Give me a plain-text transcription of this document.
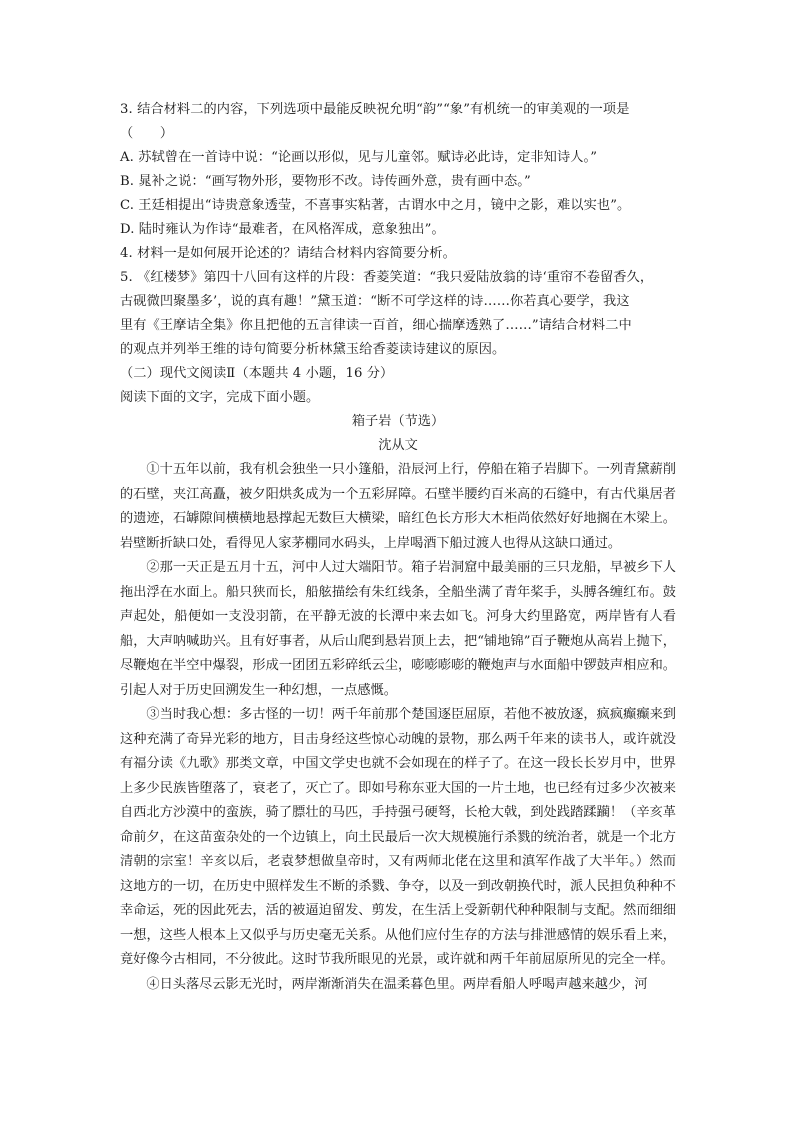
3. 结合材料二的内容，下列选项中最能反映祝允明“韵”“象”有机统一的审美观的一项是
（　　）
A. 苏轼曾在一首诗中说：“论画以形似，见与儿童邻。赋诗必此诗，定非知诗人。”
B. 晁补之说：“画写物外形，要物形不改。诗传画外意，贵有画中态。”
C. 王廷相提出“诗贵意象透莹，不喜事实粘著，古谓水中之月，镜中之影，难以实也”。
D. 陆时雍认为作诗“最难者，在风格浑成，意象独出”。
4. 材料一是如何展开论述的？请结合材料内容简要分析。
5. 《红楼梦》第四十八回有这样的片段：香菱笑道：“我只爱陆放翁的诗‘重帘不卷留香久，
古砚微凹聚墨多’，说的真有趣！”黛玉道：“断不可学这样的诗……你若真心要学，我这
里有《王摩诘全集》你且把他的五言律读一百首，细心揣摩透熟了……”请结合材料二中
的观点并列举王维的诗句简要分析林黛玉给香菱读诗建议的原因。
（二）现代文阅读Ⅱ（本题共 4 小题，16 分）
阅读下面的文字，完成下面小题。
箱子岩（节选）
沈从文

①十五年以前，我有机会独坐一只小篷船，沿辰河上行，停船在箱子岩脚下。一列青黛薪削的石壁，夹江高矗，被夕阳烘炙成为一个五彩屏障。石壁半腰约百米高的石缝中，有古代巢居者的遗迹，石罅隙间横横地悬撑起无数巨大横梁，暗红色长方形大木柜尚依然好好地搁在木梁上。岩壁断折缺口处，看得见人家茅棚同水码头，上岸喝酒下船过渡人也得从这缺口通过。

②那一天正是五月十五，河中人过大端阳节。箱子岩洞窟中最美丽的三只龙船，早被乡下人拖出浮在水面上。船只狭而长，船舷描绘有朱红线条，全船坐满了青年桨手，头膊各缠红布。鼓声起处，船便如一支没羽箭，在平静无波的长潭中来去如飞。河身大约里路宽，两岸皆有人看船，大声呐喊助兴。且有好事者，从后山爬到悬岩顶上去，把“铺地锦”百子鞭炮从高岩上抛下，尽鞭炮在半空中爆裂，形成一团团五彩碎纸云尘，嘭嘭嘭嘭的鞭炮声与水面船中锣鼓声相应和。引起人对于历史回溯发生一种幻想，一点感慨。

③当时我心想：多古怪的一切！两千年前那个楚国逐臣屈原，若他不被放逐，疯疯癫癫来到这种充满了奇异光彩的地方，目击身经这些惊心动魄的景物，那么两千年来的读书人，或许就没有福分读《九歌》那类文章，中国文学史也就不会如现在的样子了。在这一段长长岁月中，世界上多少民族皆堕落了，衰老了，灭亡了。即如号称东亚大国的一片土地，也已经有过多少次被来自西北方沙漠中的蛮族，骑了膘壮的马匹，手持强弓硬弩，长枪大戟，到处践踏蹂躏！（辛亥革命前夕，在这苗蛮杂处的一个边镇上，向土民最后一次大规模施行杀戮的统治者，就是一个北方清朝的宗室！辛亥以后，老袁梦想做皇帝时，又有两师北佬在这里和滇军作战了大半年。）然而这地方的一切，在历史中照样发生不断的杀戮、争夺，以及一到改朝换代时，派人民担负种种不幸命运，死的因此死去，活的被逼迫留发、剪发，在生活上受新朝代种种限制与支配。然而细细一想，这些人根本上又似乎与历史毫无关系。从他们应付生存的方法与排泄感情的娱乐看上来，竟好像今古相同，不分彼此。这时节我所眼见的光景，或许就和两千年前屈原所见的完全一样。

④日头落尽云影无光时，两岸渐渐消失在温柔暮色里。两岸看船人呼喝声越来越少，河
